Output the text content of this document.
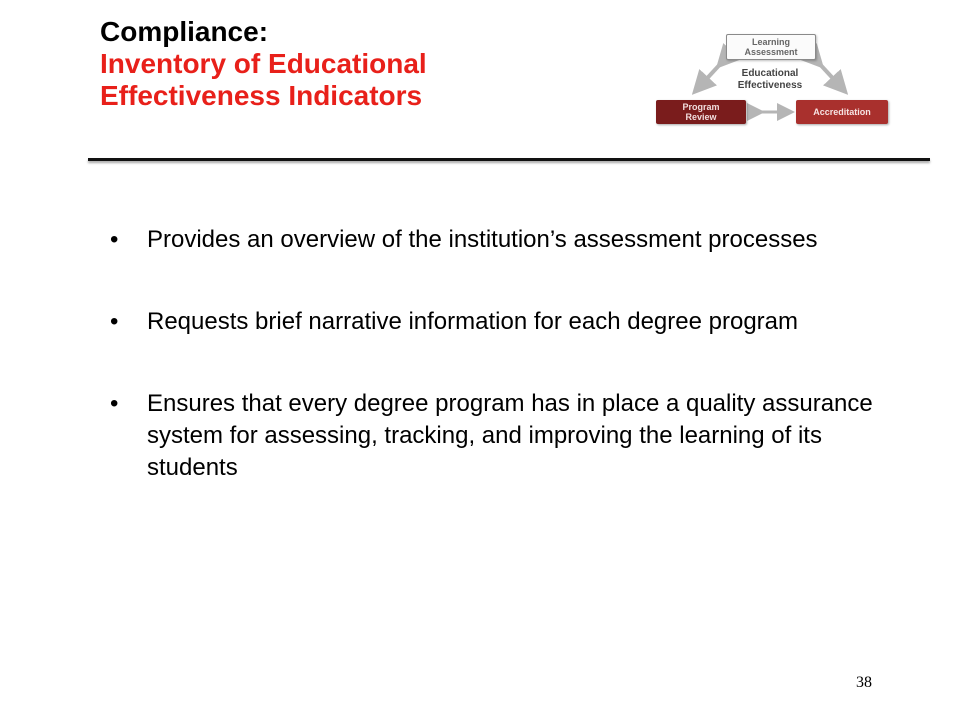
Compliance:
Inventory of Educational
Effectiveness Indicators
Learning
Assessment
Educational
Effectiveness
Program
Review	Accreditation
• Provides an overview of the institution’s assessment processes
• Requests brief narrative information for each degree program
• Ensures that every degree program has in place a quality assurance system for assessing, tracking, and improving the learning of its students
38
